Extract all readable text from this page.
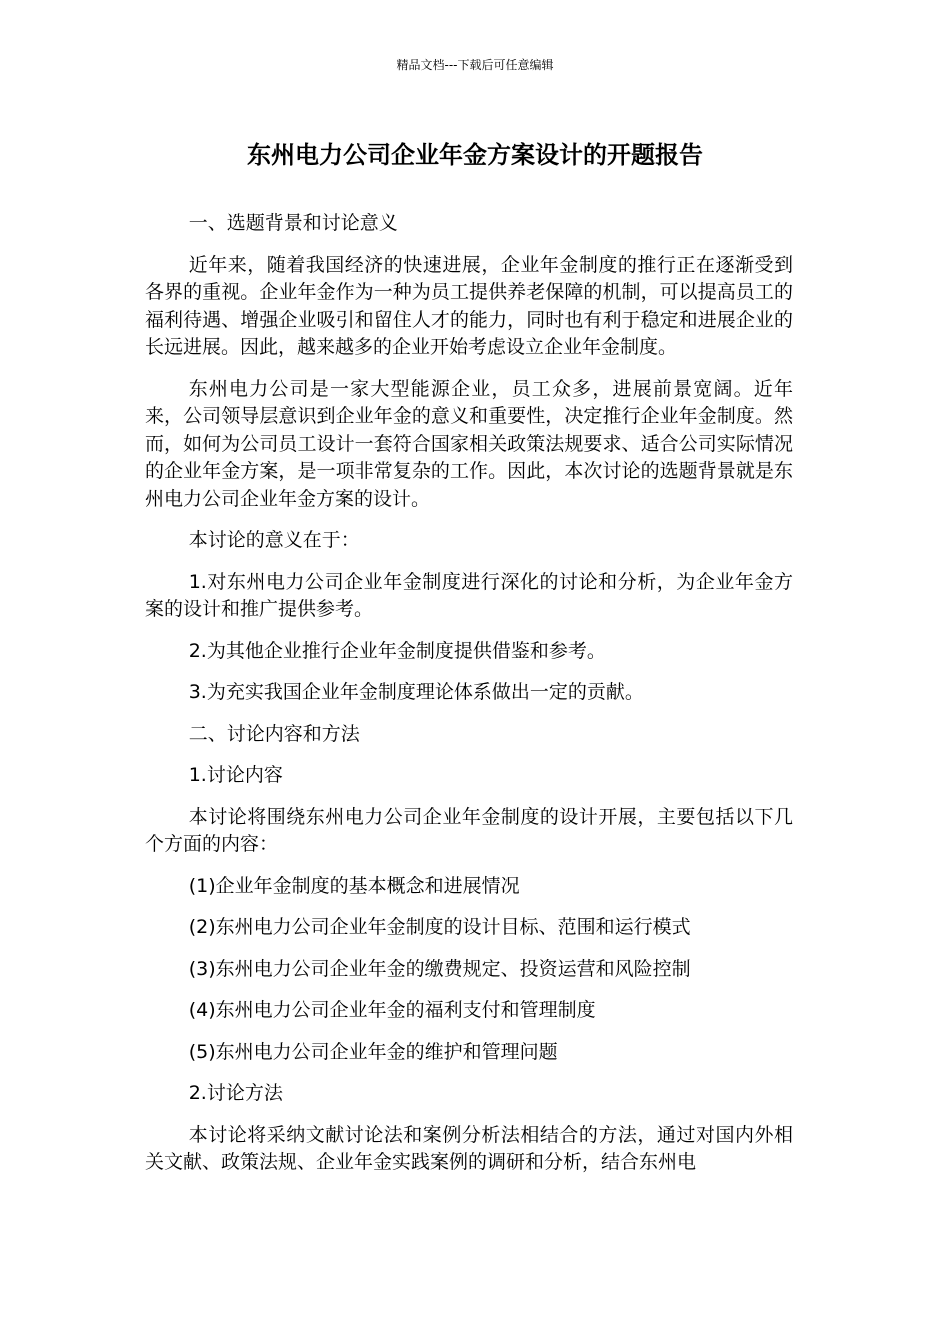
精品文档---下载后可任意编辑
东州电力公司企业年金方案设计的开题报告

一、选题背景和讨论意义

近年来，随着我国经济的快速进展，企业年金制度的推行正在逐渐受到各界的重视。企业年金作为一种为员工提供养老保障的机制，可以提高员工的福利待遇、增强企业吸引和留住人才的能力，同时也有利于稳定和进展企业的长远进展。因此，越来越多的企业开始考虑设立企业年金制度。

东州电力公司是一家大型能源企业，员工众多，进展前景宽阔。近年来，公司领导层意识到企业年金的意义和重要性，决定推行企业年金制度。然而，如何为公司员工设计一套符合国家相关政策法规要求、适合公司实际情况的企业年金方案，是一项非常复杂的工作。因此，本次讨论的选题背景就是东州电力公司企业年金方案的设计。

本讨论的意义在于：

1.对东州电力公司企业年金制度进行深化的讨论和分析，为企业年金方案的设计和推广提供参考。

2.为其他企业推行企业年金制度提供借鉴和参考。

3.为充实我国企业年金制度理论体系做出一定的贡献。

二、讨论内容和方法

1.讨论内容

本讨论将围绕东州电力公司企业年金制度的设计开展，主要包括以下几个方面的内容：

(1)企业年金制度的基本概念和进展情况

(2)东州电力公司企业年金制度的设计目标、范围和运行模式

(3)东州电力公司企业年金的缴费规定、投资运营和风险控制

(4)东州电力公司企业年金的福利支付和管理制度

(5)东州电力公司企业年金的维护和管理问题

2.讨论方法

本讨论将采纳文献讨论法和案例分析法相结合的方法，通过对国内外相关文献、政策法规、企业年金实践案例的调研和分析，结合东州电
